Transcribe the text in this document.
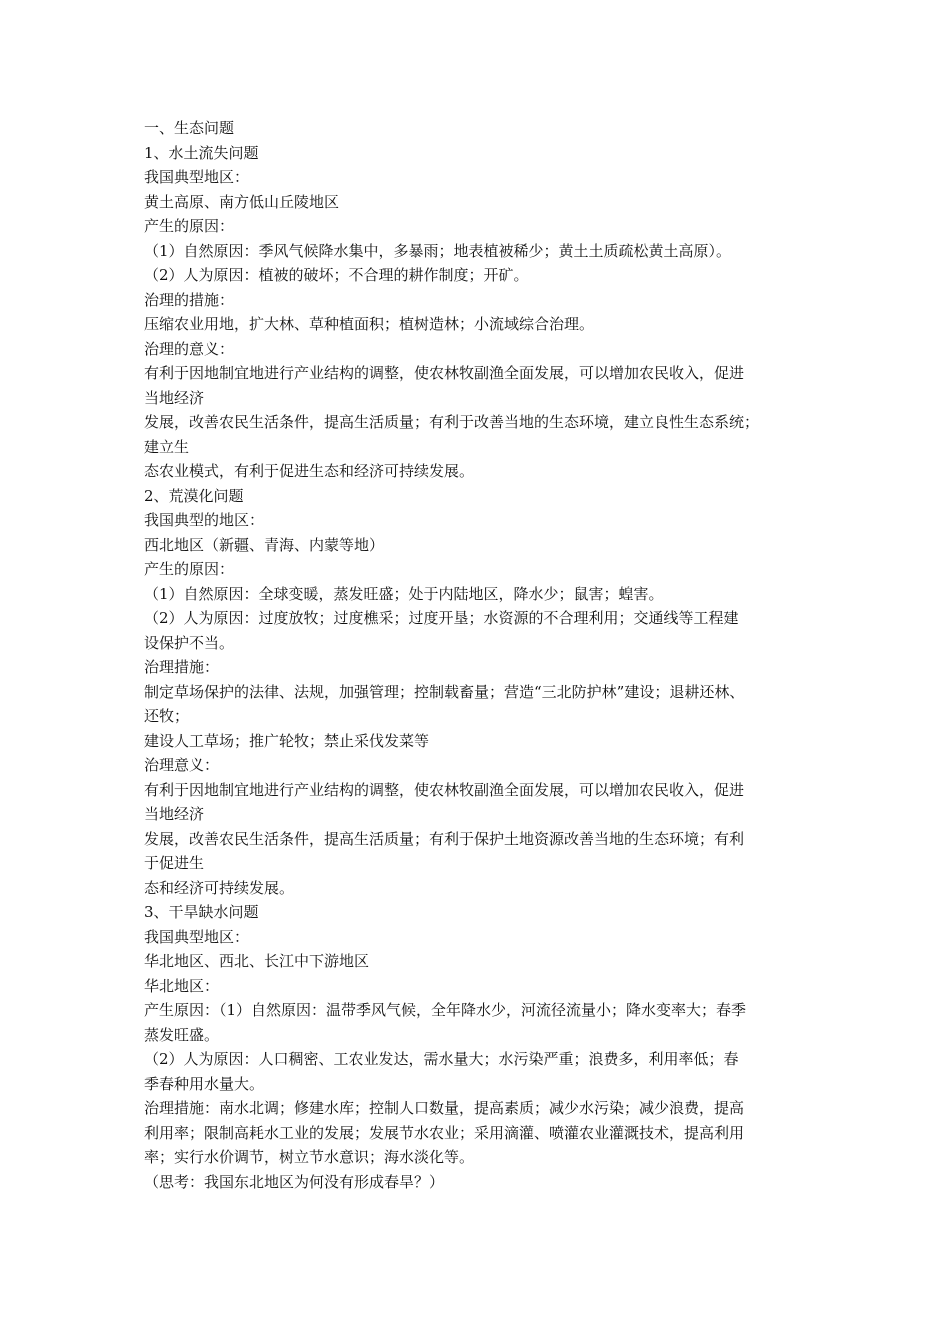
一、生态问题

1、水土流失问题

我国典型地区：

黄土高原、南方低山丘陵地区

产生的原因：

（1）自然原因：季风气候降水集中，多暴雨；地表植被稀少；黄土土质疏松黄土高原）。

（2）人为原因：植被的破坏；不合理的耕作制度；开矿。

治理的措施：

压缩农业用地，扩大林、草种植面积；植树造林；小流域综合治理。

治理的意义：

有利于因地制宜地进行产业结构的调整，使农林牧副渔全面发展，可以增加农民收入，促进

当地经济

发展，改善农民生活条件，提高生活质量；有利于改善当地的生态环境，建立良性生态系统；

建立生

态农业模式，有利于促进生态和经济可持续发展。

2、荒漠化问题

我国典型的地区：

西北地区（新疆、青海、内蒙等地）

产生的原因：

（1）自然原因：全球变暖，蒸发旺盛；处于内陆地区，降水少；鼠害；蝗害。

（2）人为原因：过度放牧；过度樵采；过度开垦；水资源的不合理利用；交通线等工程建

设保护不当。

治理措施：

制定草场保护的法律、法规，加强管理；控制载畜量；营造“三北防护林”建设；退耕还林、

还牧；

建设人工草场；推广轮牧；禁止采伐发菜等

治理意义：

有利于因地制宜地进行产业结构的调整，使农林牧副渔全面发展，可以增加农民收入，促进

当地经济

发展，改善农民生活条件，提高生活质量；有利于保护土地资源改善当地的生态环境；有利

于促进生

态和经济可持续发展。

3、干旱缺水问题

我国典型地区：

华北地区、西北、长江中下游地区

华北地区：

产生原因：（1）自然原因：温带季风气候，全年降水少，河流径流量小；降水变率大；春季

蒸发旺盛。

（2）人为原因：人口稠密、工农业发达，需水量大；水污染严重；浪费多，利用率低；春

季春种用水量大。

治理措施：南水北调；修建水库；控制人口数量，提高素质；减少水污染；减少浪费，提高

利用率；限制高耗水工业的发展；发展节水农业；采用滴灌、喷灌农业灌溉技术，提高利用

率；实行水价调节，树立节水意识；海水淡化等。

（思考：我国东北地区为何没有形成春旱？）
